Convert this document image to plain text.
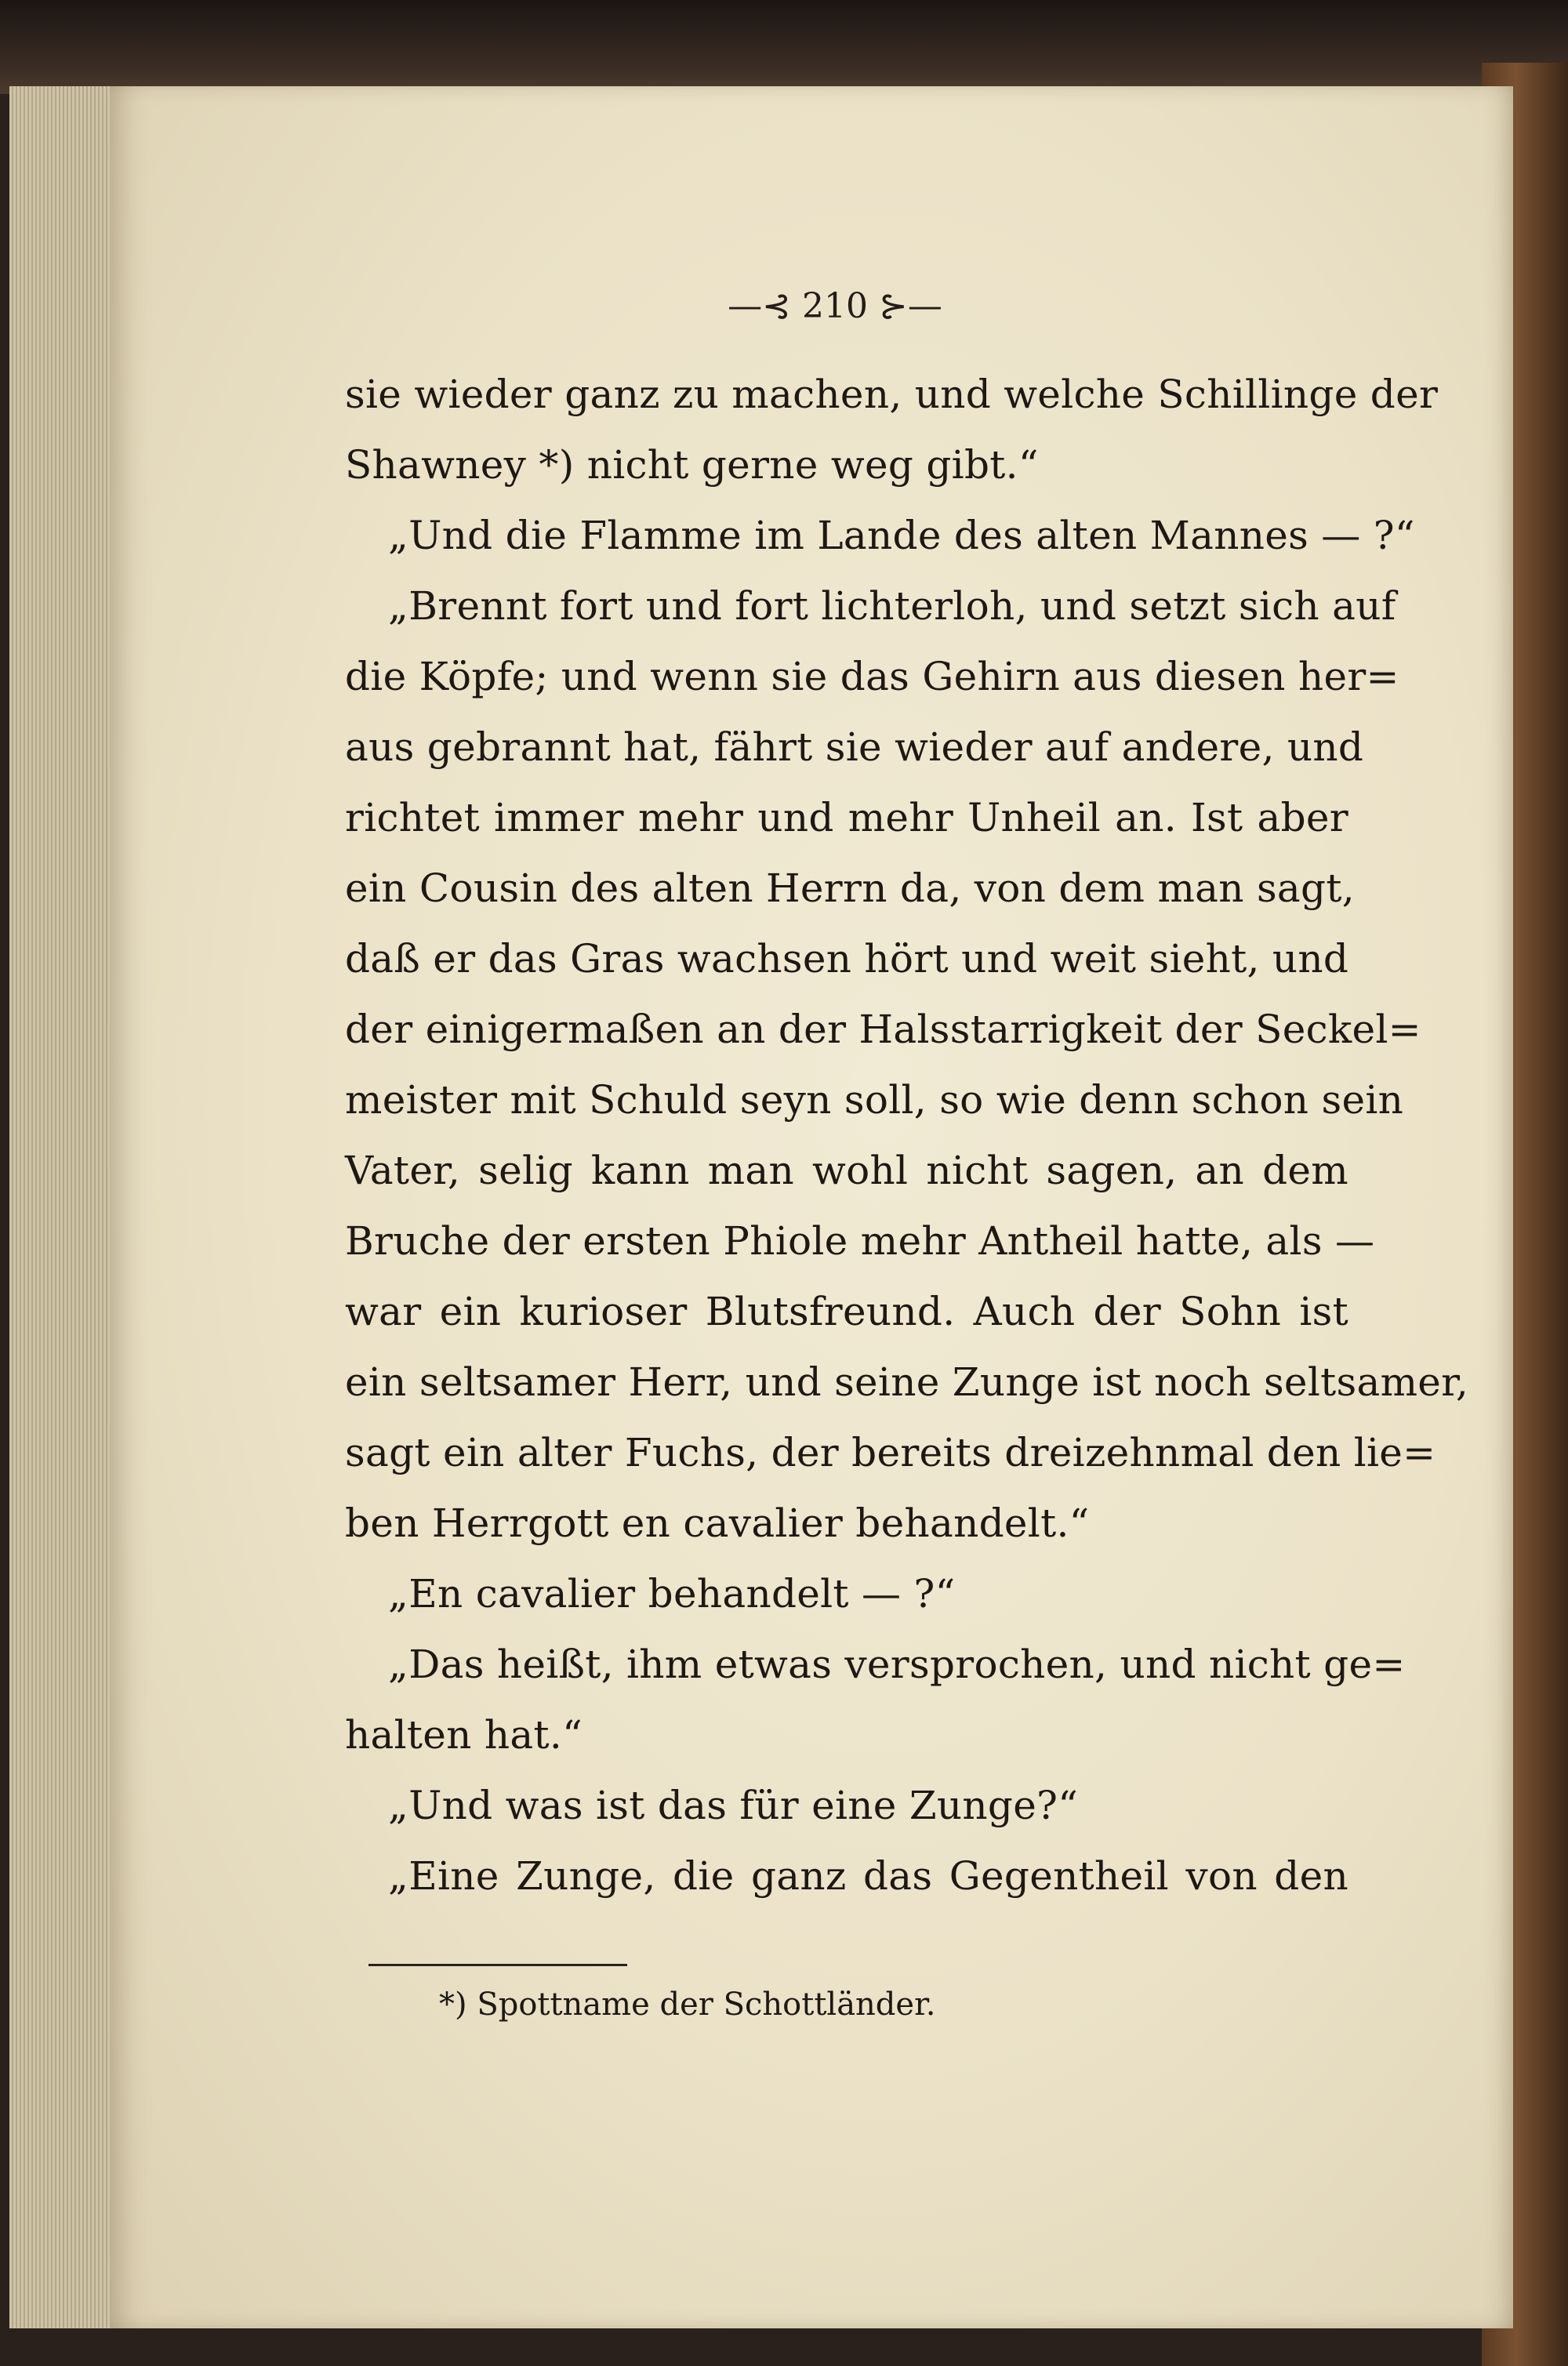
—⊰ 210 ⊱—
sie wieder ganz zu machen, und welche Schillinge der
Shawney *) nicht gerne weg gibt.“
„Und die Flamme im Lande des alten Mannes — ?“
„Brennt fort und fort lichterloh, und setzt sich auf
die Köpfe; und wenn sie das Gehirn aus diesen her=
aus gebrannt hat, fährt sie wieder auf andere, und
richtet immer mehr und mehr Unheil an. Ist aber
ein Cousin des alten Herrn da, von dem man sagt,
daß er das Gras wachsen hört und weit sieht, und
der einigermaßen an der Halsstarrigkeit der Seckel=
meister mit Schuld seyn soll, so wie denn schon sein
Vater, selig kann man wohl nicht sagen, an dem
Bruche der ersten Phiole mehr Antheil hatte, als —
war ein kurioser Blutsfreund. Auch der Sohn ist
ein seltsamer Herr, und seine Zunge ist noch seltsamer,
sagt ein alter Fuchs, der bereits dreizehnmal den lie=
ben Herrgott en cavalier behandelt.“
„En cavalier behandelt — ?“
„Das heißt, ihm etwas versprochen, und nicht ge=
halten hat.“
„Und was ist das für eine Zunge?“
„Eine Zunge, die ganz das Gegentheil von den
*) Spottname der Schottländer.
